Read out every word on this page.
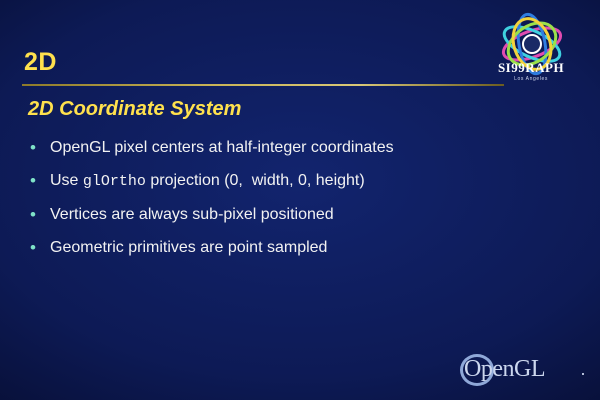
SI99RAPH
Los Angeles
2D
2D Coordinate System
• OpenGL pixel centers at half-integer coordinates
• Use glOrtho projection (0,  width, 0, height)
• Vertices are always sub-pixel positioned
• Geometric primitives are point sampled
OpenGL ·
